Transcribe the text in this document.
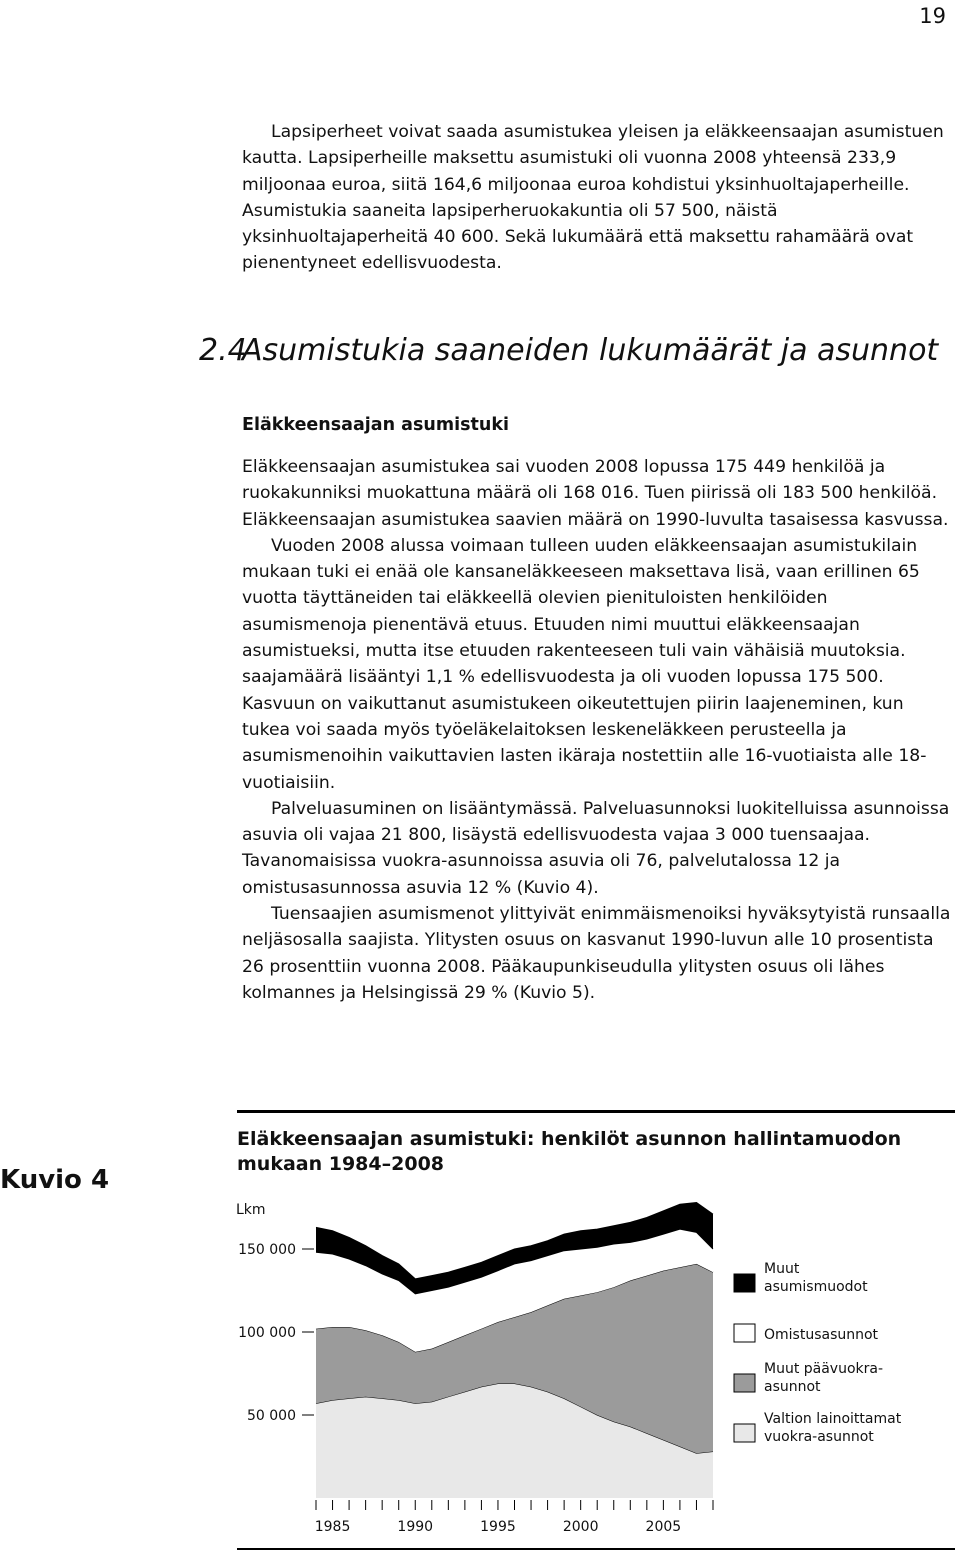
19

Lapsiperheet voivat saada asumistukea yleisen ja eläkkeensaajan asumistuen kautta. Lapsiperheille maksettu asumistuki oli vuonna 2008 yhteensä 233,9 miljoonaa euroa, siitä 164,6 miljoonaa euroa kohdistui yksinhuoltajaperheille. Asumistukia saaneita lapsiperheruokakuntia oli 57 500, näistä yksinhuoltajaperheitä 40 600. Sekä lukumäärä että maksettu rahamäärä ovat pienentyneet edellisvuodesta.

2.4
Asumistukia saaneiden lukumäärät ja asunnot
Eläkkeensaajan asumistuki

Eläkkeensaajan asumistukea sai vuoden 2008 lopussa 175 449 henkilöä ja ruokakunniksi muokattuna määrä oli 168 016. Tuen piirissä oli 183 500 henkilöä. Eläkkeensaajan asumistukea saavien määrä on 1990-luvulta tasaisessa kasvussa.

Vuoden 2008 alussa voimaan tulleen uuden eläkkeensaajan asumistukilain mukaan tuki ei enää ole kansaneläkkeeseen maksettava lisä, vaan erillinen 65 vuotta täyttäneiden tai eläkkeellä olevien pienituloisten henkilöiden asumismenoja pienentävä etuus. Etuuden nimi muuttui eläkkeensaajan asumistueksi, mutta itse etuuden rakenteeseen tuli vain vähäisiä muutoksia. saajamäärä lisääntyi 1,1 % edellisvuodesta ja oli vuoden lopussa 175 500. Kasvuun on vaikuttanut asumistukeen oikeutettujen piirin laajeneminen, kun tukea voi saada myös työeläkelaitoksen leskeneläkkeen perusteella ja asumismenoihin vaikuttavien lasten ikäraja nostettiin alle 16-vuotiaista alle 18-vuotiaisiin.

Palveluasuminen on lisääntymässä. Palveluasunnoksi luokitelluissa asunnoissa asuvia oli vajaa 21 800, lisäystä edellisvuodesta vajaa 3 000 tuensaajaa. Tavanomaisissa vuokra-asunnoissa asuvia oli 76, palvelutalossa 12 ja omistusasunnossa asuvia 12 % (Kuvio 4).

Tuensaajien asumismenot ylittyivät enimmäismenoiksi hyväksytyistä runsaalla neljäsosalla saajista. Ylitysten osuus on kasvanut 1990-luvun alle 10 prosentista 26 prosenttiin vuonna 2008. Pääkaupunkiseudulla ylitysten osuus oli lähes kolmannes ja Helsingissä 29 % (Kuvio 5).

Kuvio 4
Eläkkeensaajan asumistuki: henkilöt asunnon hallintamuodon mukaan 1984–2008
Lkm
50 000
100 000
150 000
1985	1990	1995	2000	2005
Muut
asumismuodot
Omistusasunnot
Muut päävuokra-
asunnot
Valtion lainoittamat
vuokra-asunnot
